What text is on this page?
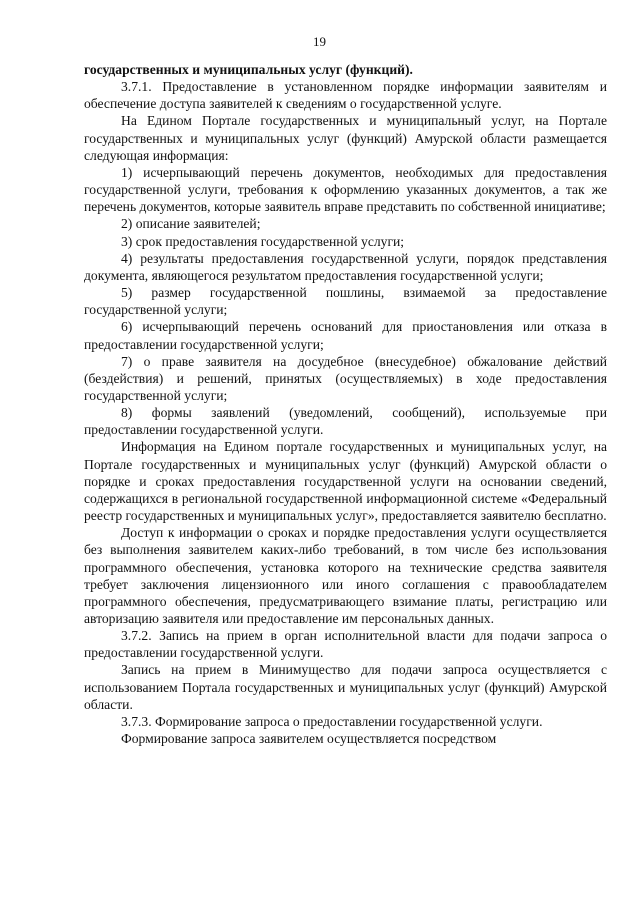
19

государственных и муниципальных услуг (функций).

3.7.1. Предоставление в установленном порядке информации заявителям и обеспечение доступа заявителей к сведениям о государственной услуге.

На Едином Портале государственных и муниципальный услуг, на Портале государственных и муниципальных услуг (функций) Амурской области размещается следующая информация:

1) исчерпывающий перечень документов, необходимых для предоставления государственной услуги, требования к оформлению указанных документов, а так же перечень документов, которые заявитель вправе представить по собственной инициативе;

2) описание заявителей;

3) срок предоставления государственной услуги;

4) результаты предоставления государственной услуги, порядок представления документа, являющегося результатом предоставления государственной услуги;

5) размер государственной пошлины, взимаемой за предоставление государственной услуги;

6) исчерпывающий перечень оснований для приостановления или отказа в предоставлении государственной услуги;

7) о праве заявителя на досудебное (внесудебное) обжалование действий (бездействия) и решений, принятых (осуществляемых) в ходе предоставления государственной услуги;

8) формы заявлений (уведомлений, сообщений), используемые при предоставлении государственной услуги.

Информация на Едином портале государственных и муниципальных услуг, на Портале государственных и муниципальных услуг (функций) Амурской области о порядке и сроках предоставления государственной услуги на основании сведений, содержащихся в региональной государственной информационной системе «Федеральный реестр государственных и муниципальных услуг», предоставляется заявителю бесплатно.

Доступ к информации о сроках и порядке предоставления услуги осуществляется без выполнения заявителем каких-либо требований, в том числе без использования программного обеспечения, установка которого на технические средства заявителя требует заключения лицензионного или иного соглашения с правообладателем программного обеспечения, предусматривающего взимание платы, регистрацию или авторизацию заявителя или предоставление им персональных данных.

3.7.2. Запись на прием в орган исполнительной власти для подачи запроса о предоставлении государственной услуги.

Запись на прием в Минимущество для подачи запроса осуществляется с использованием Портала государственных и муниципальных услуг (функций) Амурской области.

3.7.3. Формирование запроса о предоставлении государственной услуги.

Формирование запроса заявителем осуществляется посредством
